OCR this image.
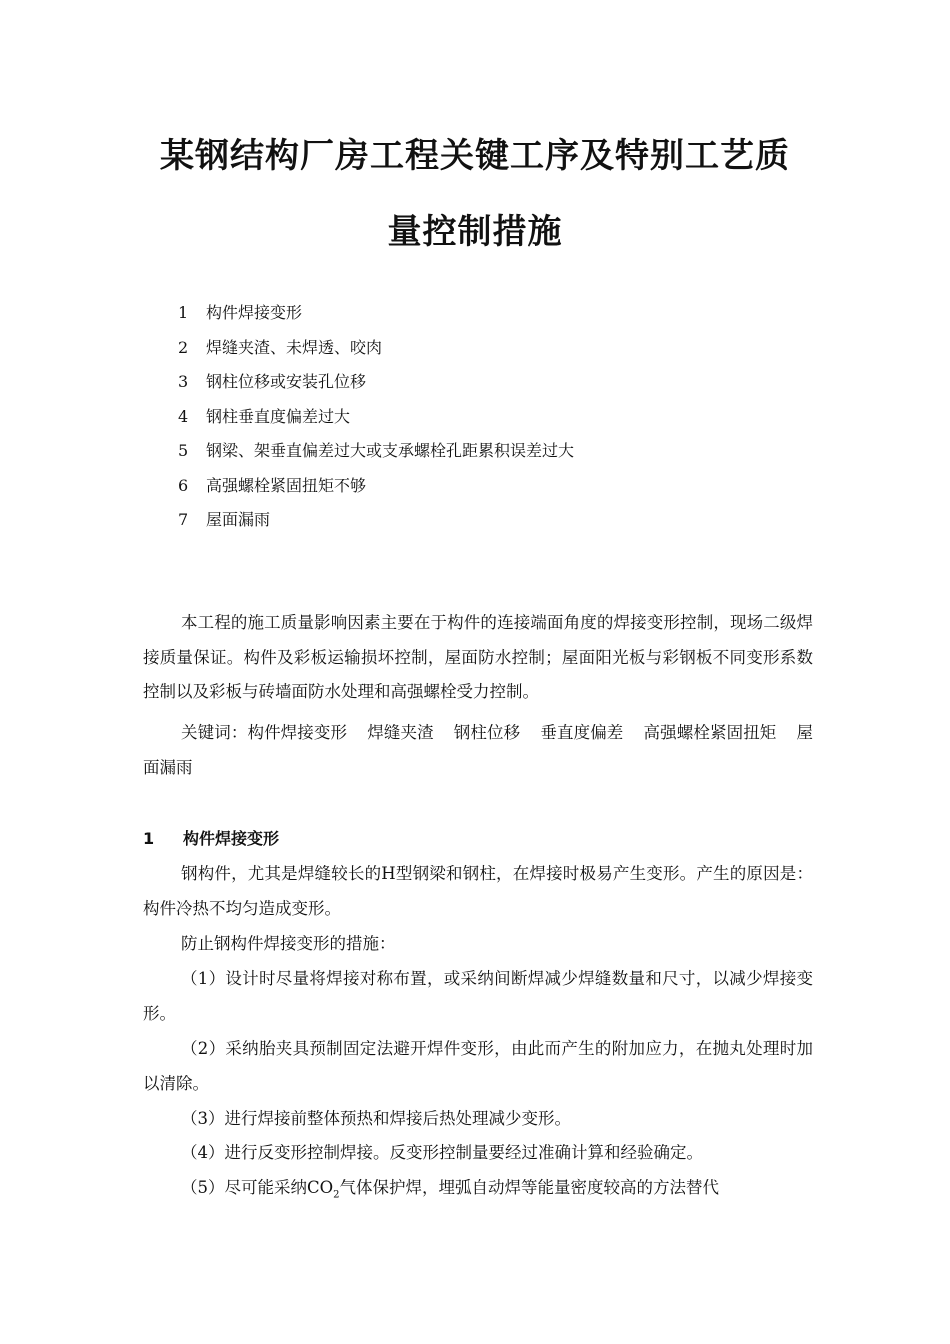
某钢结构厂房工程关键工序及特别工艺质
量控制措施
1 构件焊接变形
2 焊缝夹渣、未焊透、咬肉
3 钢柱位移或安装孔位移
4 钢柱垂直度偏差过大
5 钢梁、架垂直偏差过大或支承螺栓孔距累积误差过大
6 高强螺栓紧固扭矩不够
7 屋面漏雨

本工程的施工质量影响因素主要在于构件的连接端面角度的焊接变形控制，现场二级焊接质量保证。构件及彩板运输损坏控制，屋面防水控制；屋面阳光板与彩钢板不同变形系数控制以及彩板与砖墙面防水处理和高强螺栓受力控制。

关键词：构件焊接变形 焊缝夹渣 钢柱位移 垂直度偏差 高强螺栓紧固扭矩 屋面漏雨

1 构件焊接变形

钢构件，尤其是焊缝较长的H型钢梁和钢柱，在焊接时极易产生变形。产生的原因是：构件冷热不均匀造成变形。

防止钢构件焊接变形的措施：

（1）设计时尽量将焊接对称布置，或采纳间断焊减少焊缝数量和尺寸，以减少焊接变形。

（2）采纳胎夹具预制固定法避开焊件变形，由此而产生的附加应力，在抛丸处理时加以清除。

（3）进行焊接前整体预热和焊接后热处理减少变形。

（4）进行反变形控制焊接。反变形控制量要经过准确计算和经验确定。

（5）尽可能采纳$CO_2$气体保护焊，埋弧自动焊等能量密度较高的方法替代
